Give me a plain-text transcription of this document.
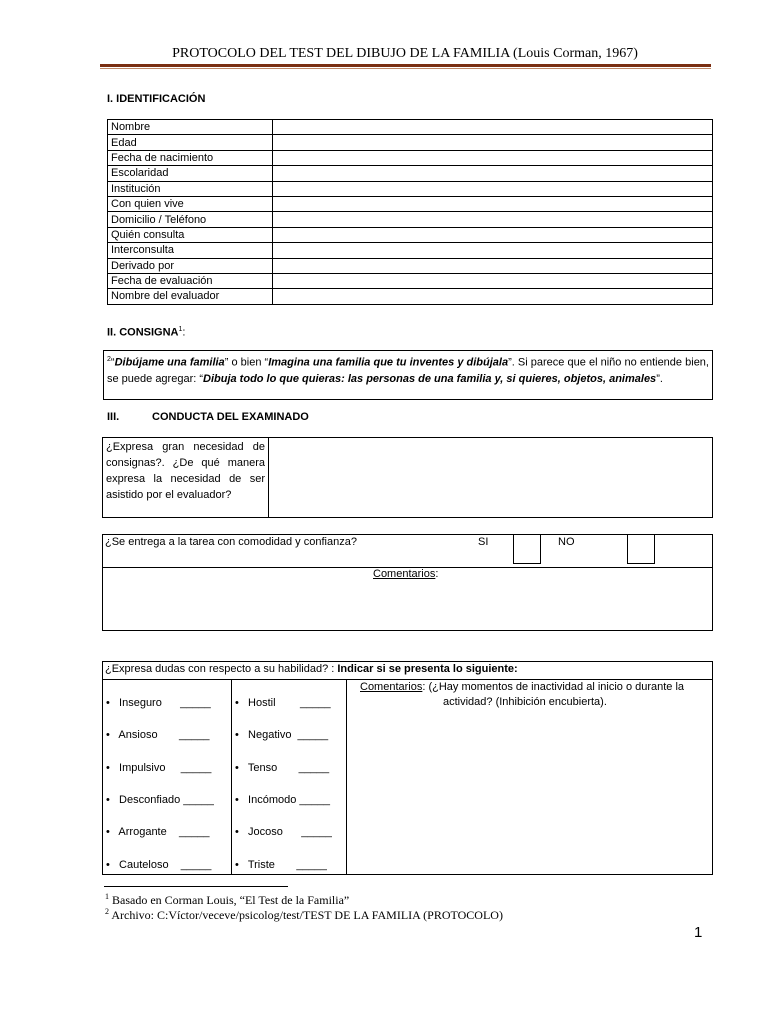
PROTOCOLO DEL TEST DEL DIBUJO DE LA FAMILIA (Louis Corman, 1967)
I. IDENTIFICACIÓN
Nombre	
Edad	
Fecha de nacimiento	
Escolaridad	
Institución	
Con quien vive	
Domicilio / Teléfono	
Quién consulta	
Interconsulta	
Derivado por	
Fecha de evaluación	
Nombre del evaluador	
II. CONSIGNA$^1$:
$^2$“Dibújame una familia” o bien “Imagina una familia que tu inventes y dibújala”. Si parece que el niño no entiende bien, se puede agregar: “Dibuja todo lo que quieras: las personas de una familia y, si quieres, objetos, animales”.
III.	CONDUCTA DEL EXAMINADO
¿Expresa gran necesidad de consignas?. ¿De qué manera expresa la necesidad de ser asistido por el evaluador?
¿Se entrega a la tarea con comodidad y confianza?	SI	NO
Comentarios:
¿Expresa dudas con respecto a su habilidad? : Indicar si se presenta lo siguiente:
Comentarios: (¿Hay momentos de inactividad al inicio o durante la
actividad? (Inhibición encubierta).
•   Inseguro      _____
•   Ansioso       _____
•   Impulsivo     _____
•   Desconfiado _____
•   Arrogante    _____
•   Cauteloso    _____
•   Hostil        _____
•   Negativo  _____
•   Tenso       _____
•   Incómodo _____
•   Jocoso      _____
•   Triste       _____
$^1$ Basado en Corman Louis, “El Test de la Familia”
$^2$ Archivo: C:Víctor/veceve/psicolog/test/TEST DE LA FAMILIA (PROTOCOLO)
1
